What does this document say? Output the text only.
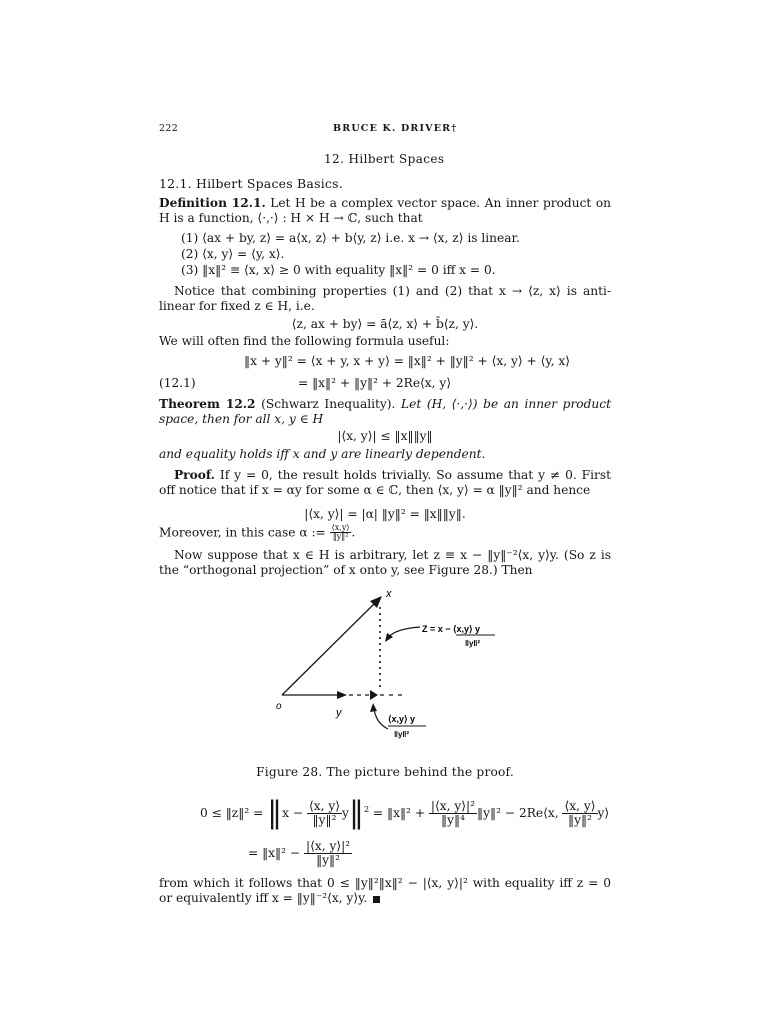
222	BRUCE K. DRIVER†
12. Hilbert Spaces
12.1. Hilbert Spaces Basics.
Definition 12.1. Let H be a complex vector space. An inner product on H is a function, ⟨·,·⟩ : H × H → ℂ, such that
(1) ⟨ax + by, z⟩ = a⟨x, z⟩ + b⟨y, z⟩ i.e. x → ⟨x, z⟩ is linear.
(2) ⟨x, y⟩ = ⟨y, x⟩.
(3) ‖x‖² ≡ ⟨x, x⟩ ≥ 0 with equality ‖x‖² = 0 iff x = 0.
Notice that combining properties (1) and (2) that x → ⟨z, x⟩ is anti-linear for fixed z ∈ H, i.e.
⟨z, ax + by⟩ = ā⟨z, x⟩ + b̄⟨z, y⟩.
We will often find the following formula useful:
‖x + y‖² = ⟨x + y, x + y⟩ = ‖x‖² + ‖y‖² + ⟨x, y⟩ + ⟨y, x⟩
(12.1)	= ‖x‖² + ‖y‖² + 2Re⟨x, y⟩
Theorem 12.2 (Schwarz Inequality). Let (H, ⟨·,·⟩) be an inner product space, then for all x, y ∈ H
|⟨x, y⟩| ≤ ‖x‖‖y‖
and equality holds iff x and y are linearly dependent.
Proof. If y = 0, the result holds trivially. So assume that y ≠ 0. First off notice that if x = αy for some α ∈ ℂ, then ⟨x, y⟩ = α ‖y‖² and hence
|⟨x, y⟩| = |α| ‖y‖² = ‖x‖‖y‖.
Moreover, in this case α := $\frac{⟨x,y⟩}{\text{‖y‖²}}$ .
Now suppose that x ∈ H is arbitrary, let z ≡ x − ‖y‖⁻²⟨x, y⟩y. (So z is the “orthogonal projection” of x onto y, see Figure 28.) Then
x
o
y
Z = x − ⟨x,y⟩ y
‖y‖²
⟨x,y⟩ y
‖y‖²
Figure 28. The picture behind the proof.
0 ≤ ‖z‖² = ‖x − $\frac{⟨x, y⟩}{\text{‖y‖²}}$ y‖$^2$ = ‖x‖² + $\frac{\text{|⟨x, y⟩|²}}{\text{‖y‖⁴}}$ ‖y‖² − 2Re⟨x, $\frac{⟨x, y⟩}{\text{‖y‖²}}$ y⟩
= ‖x‖² − $\frac{\text{|⟨x, y⟩|²}}{\text{‖y‖²}}$
from which it follows that 0 ≤ ‖y‖²‖x‖² − |⟨x, y⟩|² with equality iff z = 0 or equivalently iff x = ‖y‖⁻²⟨x, y⟩y.
